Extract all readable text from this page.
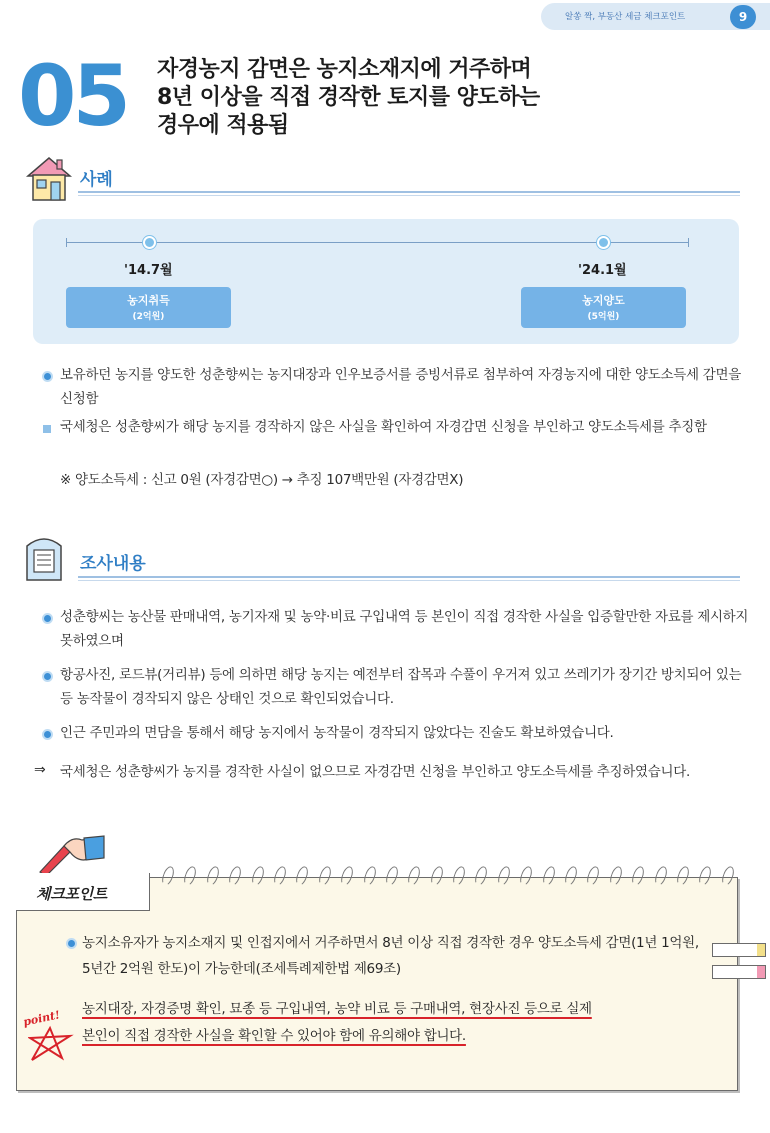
알쏭 짝, 부동산 세금 체크포인트	9
05 자경농지 감면은 농지소재지에 거주하며
8년 이상을 직접 경작한 토지를 양도하는
경우에 적용됨
사례
'14.7월	'24.1월
농지취득
(2억원)
농지양도
(5억원)
보유하던 농지를 양도한 성춘향씨는 농지대장과 인우보증서를 증빙서류로 첨부하여 자경농지에 대한 양도소득세 감면을 신청함
국세청은 성춘향씨가 해당 농지를 경작하지 않은 사실을 확인하여 자경감면 신청을 부인하고 양도소득세를 추징함
※ 양도소득세 : 신고 0원 (자경감면○) → 추징 107백만원 (자경감면X)
조사내용
성춘향씨는 농산물 판매내역, 농기자재 및 농약·비료 구입내역 등 본인이 직접 경작한 사실을 입증할만한 자료를 제시하지 못하였으며
항공사진, 로드뷰(거리뷰) 등에 의하면 해당 농지는 예전부터 잡목과 수풀이 우거져 있고 쓰레기가 장기간 방치되어 있는 등 농작물이 경작되지 않은 상태인 것으로 확인되었습니다.
인근 주민과의 면담을 통해서 해당 농지에서 농작물이 경작되지 않았다는 진술도 확보하였습니다.
⇒ 국세청은 성춘향씨가 농지를 경작한 사실이 없으므로 자경감면 신청을 부인하고 양도소득세를 추징하였습니다.
체크포인트
농지소유자가 농지소재지 및 인접지에서 거주하면서 8년 이상 직접 경작한 경우 양도소득세 감면(1년 1억원, 5년간 2억원 한도)이 가능한데(조세특례제한법 제69조)
point! 농지대장, 자경증명 확인, 묘종 등 구입내역, 농약 비료 등 구매내역, 현장사진 등으로 실제
본인이 직접 경작한 사실을 확인할 수 있어야 함에 유의해야 합니다.
